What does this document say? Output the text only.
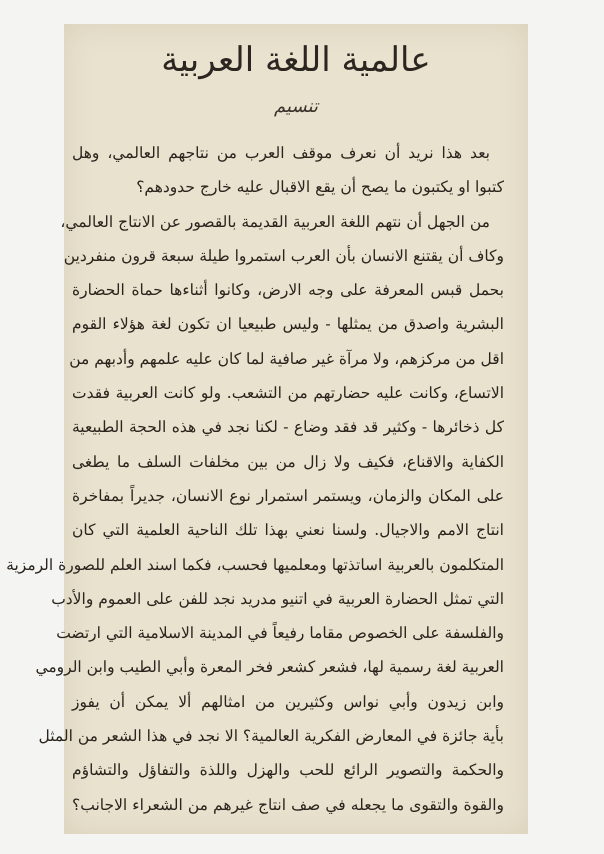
عالمية اللغة العربية
تنسيم
بعد هذا نريد أن نعرف موقف العرب من نتاجهم العالمي، وهل
كتبوا او يكتبون ما يصح أن يقع الاقبال عليه خارج حدودهم؟
من الجهل أن نتهم اللغة العربية القديمة بالقصور عن الانتاج العالمي،
وكاف أن يقتنع الانسان بأن العرب استمروا طيلة سبعة قرون منفردين
بحمل قبس المعرفة على وجه الارض، وكانوا أثناءها حماة الحضارة
البشرية واصدق من يمثلها - وليس طبيعيا ان تكون لغة هؤلاء القوم
اقل من مركزهم، ولا مرآة غير صافية لما كان عليه علمهم وأدبهم من
الاتساع، وكانت عليه حضارتهم من التشعب. ولو كانت العربية فقدت
كل ذخائرها - وكثير قد فقد وضاع - لكنا نجد في هذه الحجة الطبيعية
الكفاية والاقناع، فكيف ولا زال من بين مخلفات السلف ما يطغى
على المكان والزمان، ويستمر استمرار نوع الانسان، جديراً بمفاخرة
انتاج الامم والاجيال. ولسنا نعني بهذا تلك الناحية العلمية التي كان
المتكلمون بالعربية اساتذتها ومعلميها فحسب، فكما اسند العلم للصورة الرمزية
التي تمثل الحضارة العربية في اتنيو مدريد نجد للفن على العموم والأدب
والفلسفة على الخصوص مقاما رفيعاً في المدينة الاسلامية التي ارتضت
العربية لغة رسمية لها، فشعر كشعر فخر المعرة وأبي الطيب وابن الرومي
وابن زيدون وأبي نواس وكثيرين من امثالهم ألا يمكن أن يفوز
بأية جائزة في المعارض الفكرية العالمية؟ الا نجد في هذا الشعر من المثل
والحكمة والتصوير الرائع للحب والهزل واللذة والتفاؤل والتشاؤم
والقوة والتقوى ما يجعله في صف انتاج غيرهم من الشعراء الاجانب؟
